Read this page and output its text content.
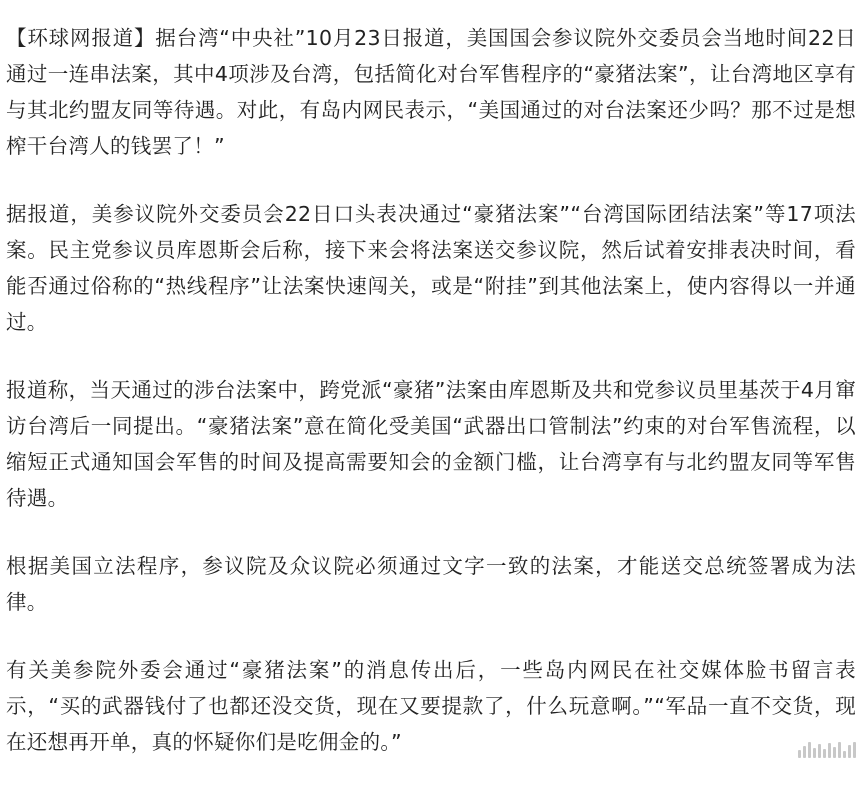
【环球网报道】据台湾“中央社”10月23日报道，美国国会参议院外交委员会当地时间22日通过一连串法案，其中4项涉及台湾，包括简化对台军售程序的“豪猪法案”，让台湾地区享有与其北约盟友同等待遇。对此，有岛内网民表示，“美国通过的对台法案还少吗？那不过是想榨干台湾人的钱罢了！”

据报道，美参议院外交委员会22日口头表决通过“豪猪法案”“台湾国际团结法案”等17项法案。民主党参议员库恩斯会后称，接下来会将法案送交参议院，然后试着安排表决时间，看能否通过俗称的“热线程序”让法案快速闯关，或是“附挂”到其他法案上，使内容得以一并通过。

报道称，当天通过的涉台法案中，跨党派“豪猪”法案由库恩斯及共和党参议员里基茨于4月窜访台湾后一同提出。“豪猪法案”意在简化受美国“武器出口管制法”约束的对台军售流程，以缩短正式通知国会军售的时间及提高需要知会的金额门槛，让台湾享有与北约盟友同等军售待遇。

根据美国立法程序，参议院及众议院必须通过文字一致的法案，才能送交总统签署成为法律。

有关美参院外委会通过“豪猪法案”的消息传出后，一些岛内网民在社交媒体脸书留言表示，“买的武器钱付了也都还没交货，现在又要提款了，什么玩意啊。”“军品一直不交货，现在还想再开单，真的怀疑你们是吃佣金的。”
